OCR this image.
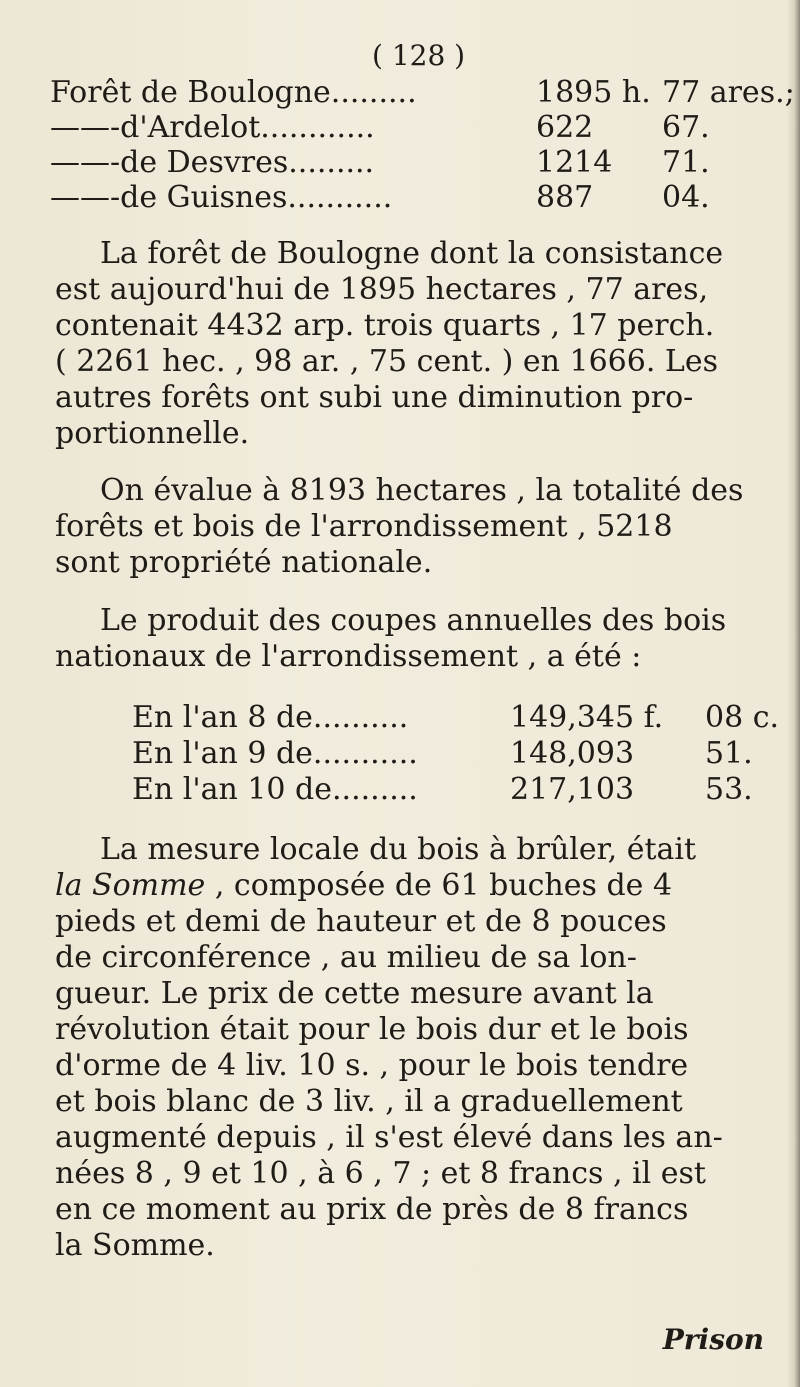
( 128 )
Forêt de Boulogne.........	1895 h. 77 ares.;
——-d'Ardelot............	622 67.
——-de Desvres.........	1214 71.
——-de Guisnes...........	887 04.
La forêt de Boulogne dont la consistance
est aujourd'hui de 1895 hectares , 77 ares,
contenait 4432 arp. trois quarts , 17 perch.
( 2261 hec. , 98 ar. , 75 cent. ) en 1666. Les
autres forêts ont subi une diminution pro-
portionnelle.
On évalue à 8193 hectares , la totalité des
forêts et bois de l'arrondissement , 5218
sont propriété nationale.
Le produit des coupes annuelles des bois
nationaux de l'arrondissement , a été :
En l'an 8 de..........	149,345 f. 08 c.
En l'an 9 de...........	148,093 51.
En l'an 10 de.........	217,103 53.
La mesure locale du bois à brûler, était
la Somme , composée de 61 buches de 4
pieds et demi de hauteur et de 8 pouces
de circonférence , au milieu de sa lon-
gueur. Le prix de cette mesure avant la
révolution était pour le bois dur et le bois
d'orme de 4 liv. 10 s. , pour le bois tendre
et bois blanc de 3 liv. , il a graduellement
augmenté depuis , il s'est élevé dans les an-
nées 8 , 9 et 10 , à 6 , 7 ; et 8 francs , il est
en ce moment au prix de près de 8 francs
la Somme.
Prison
